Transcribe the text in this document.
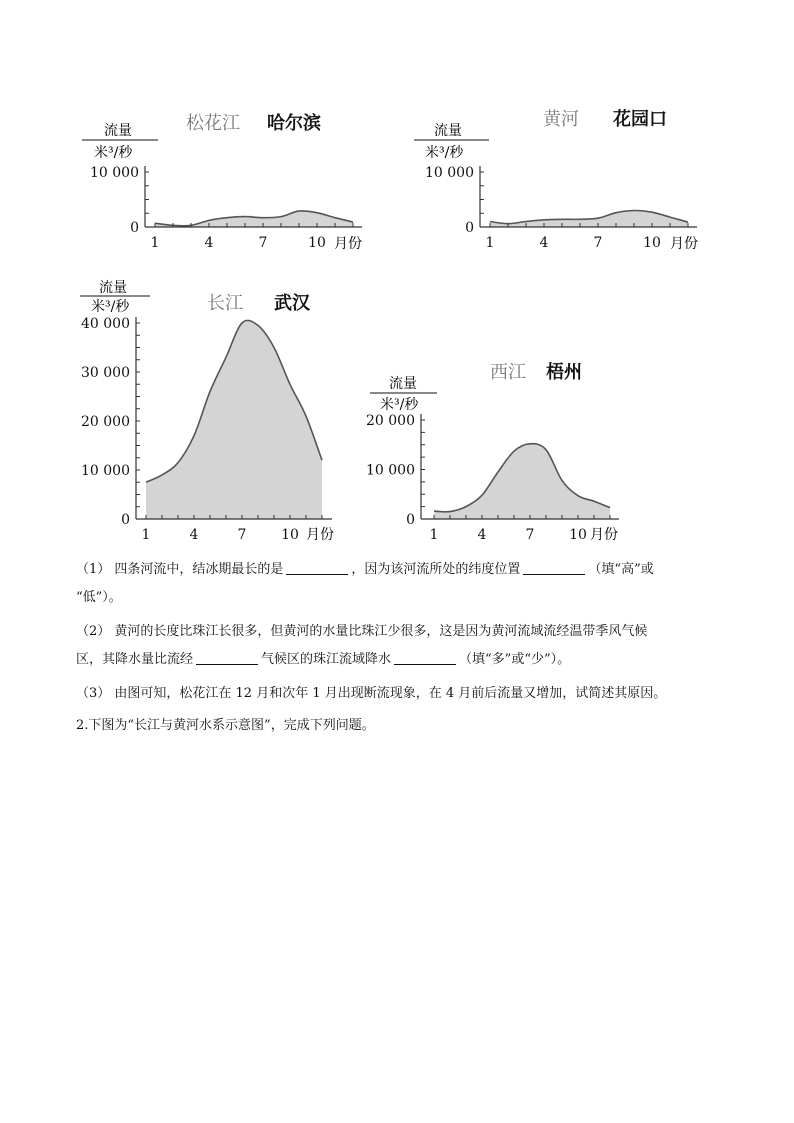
松花江 哈尔滨
流量
米³/秒
月份
1	4	7	10
0
10 000
黄河 花园口
流量
米³/秒
月份
1	4	7	10
0
10 000
长江 武汉
流量
米³/秒
月份
1	4	7 10
0
10 000
20 000
30 000
40 000
西江 梧州
流量
米³/秒
月份
1	4	7 10
0
10 000
20 000

（1） 四条河流中，结冰期最长的是	，因为该河流所处的纬度位置	（填“高”或
“低”）。

（2） 黄河的长度比珠江长很多，但黄河的水量比珠江少很多，这是因为黄河流域流经温带季风气候
区，其降水量比流经	气候区的珠江流域降水	（填“多”或“少”）。

（3） 由图可知，松花江在 12 月和次年 1 月出现断流现象，在 4 月前后流量又增加，试简述其原因。

2.下图为“长江与黄河水系示意图”，完成下列问题。
